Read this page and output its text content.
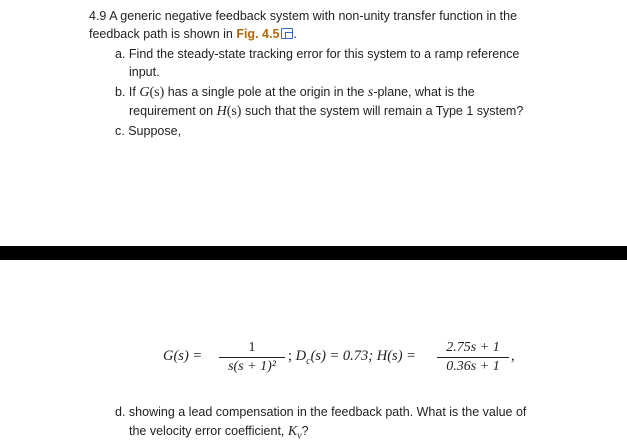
4.9 A generic negative feedback system with non-unity transfer function in the
feedback path is shown in Fig. 4.5 .
a. Find the steady-state tracking error for this system to a ramp reference
input.
b. If G(s) has a single pole at the origin in the s-plane, what is the
requirement on H(s) such that the system will remain a Type 1 system?
c. Suppose,
G(s) =
1
s(s + 1)²
; $D_c(s) = 0.73$; H(s) =
2.75s + 1
0.36s + 1
,
d. showing a lead compensation in the feedback path. What is the value of
the velocity error coefficient, $K_v$?
